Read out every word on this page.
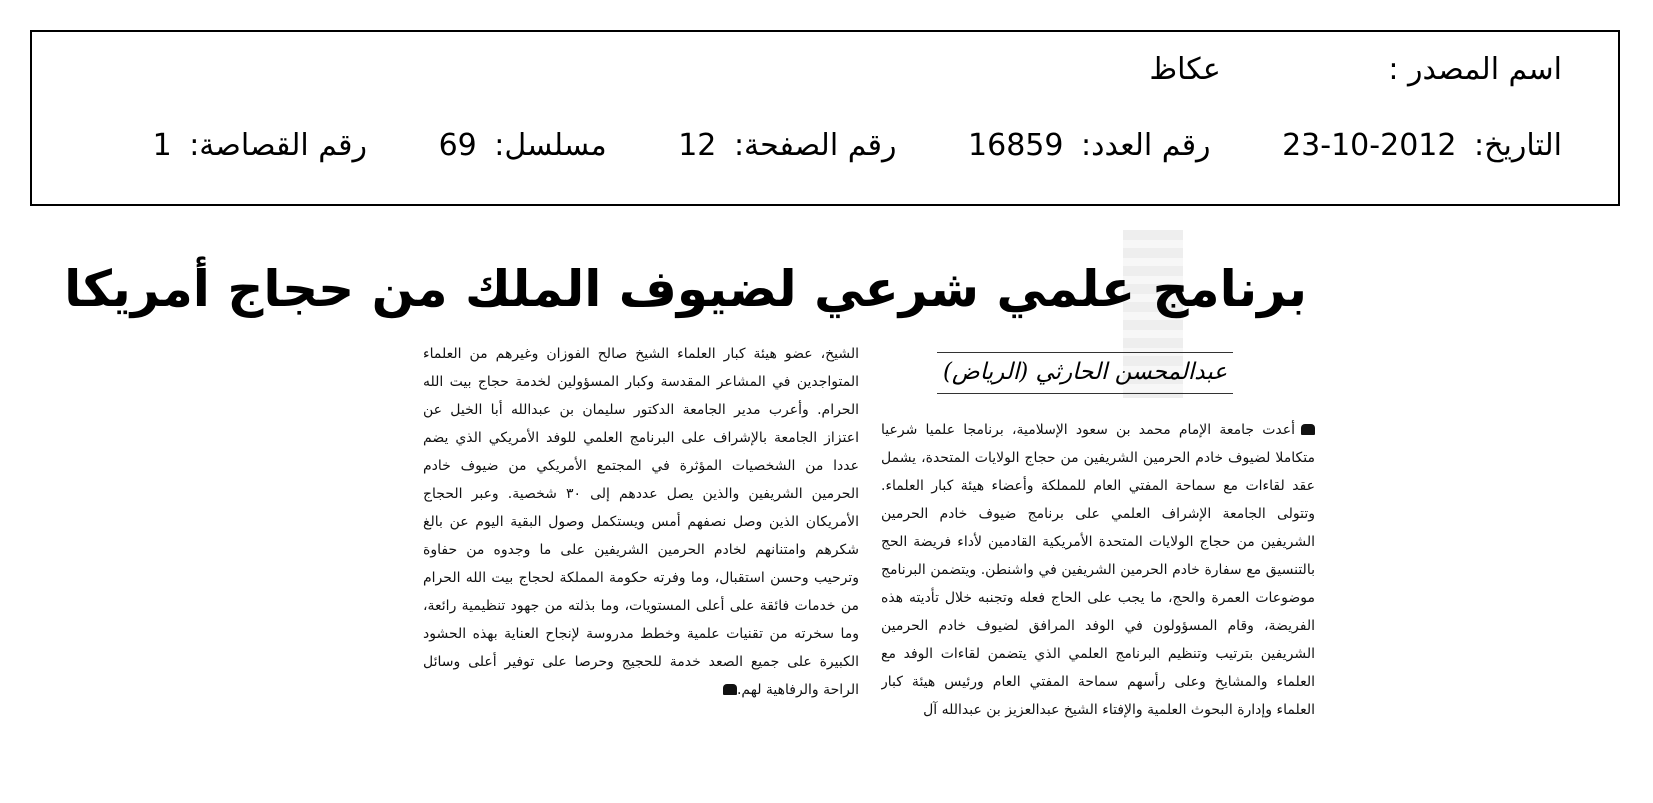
اسم المصدر : عكاظ
التاريخ: 2012-10-23 رقم العدد: 16859 رقم الصفحة: 12 مسلسل: 69 رقم القصاصة: 1
برنامج علمي شرعي لضيوف الملك من حجاج أمريكا
عبدالمحسن الحارثي (الرياض)
أعدت جامعة الإمام محمد بن سعود الإسلامية، برنامجا علميا شرعيا متكاملا لضيوف خادم الحرمين الشريفين من حجاج الولايات المتحدة، يشمل عقد لقاءات مع سماحة المفتي العام للمملكة وأعضاء هيئة كبار العلماء. وتتولى الجامعة الإشراف العلمي على برنامج ضيوف خادم الحرمين الشريفين من حجاج الولايات المتحدة الأمريكية القادمين لأداء فريضة الحج بالتنسيق مع سفارة خادم الحرمين الشريفين في واشنطن. ويتضمن البرنامج موضوعات العمرة والحج، ما يجب على الحاج فعله وتجنبه خلال تأديته هذه الفريضة، وقام المسؤولون في الوفد المرافق لضيوف خادم الحرمين الشريفين بترتيب وتنظيم البرنامج العلمي الذي يتضمن لقاءات الوفد مع العلماء والمشايخ وعلى رأسهم سماحة المفتي العام ورئيس هيئة كبار العلماء وإدارة البحوث العلمية والإفتاء الشيخ عبدالعزيز بن عبدالله آل
الشيخ، عضو هيئة كبار العلماء الشيخ صالح الفوزان وغيرهم من العلماء المتواجدين في المشاعر المقدسة وكبار المسؤولين لخدمة حجاج بيت الله الحرام. وأعرب مدير الجامعة الدكتور سليمان بن عبدالله أبا الخيل عن اعتزاز الجامعة بالإشراف على البرنامج العلمي للوفد الأمريكي الذي يضم عددا من الشخصيات المؤثرة في المجتمع الأمريكي من ضيوف خادم الحرمين الشريفين والذين يصل عددهم إلى ٣٠ شخصية. وعبر الحجاج الأمريكان الذين وصل نصفهم أمس ويستكمل وصول البقية اليوم عن بالغ شكرهم وامتنانهم لخادم الحرمين الشريفين على ما وجدوه من حفاوة وترحيب وحسن استقبال، وما وفرته حكومة المملكة لحجاج بيت الله الحرام من خدمات فائقة على أعلى المستويات، وما بذلته من جهود تنظيمية رائعة، وما سخرته من تقنيات علمية وخطط مدروسة لإنجاح العناية بهذه الحشود الكبيرة على جميع الصعد خدمة للحجيج وحرصا على توفير أعلى وسائل الراحة والرفاهية لهم.
